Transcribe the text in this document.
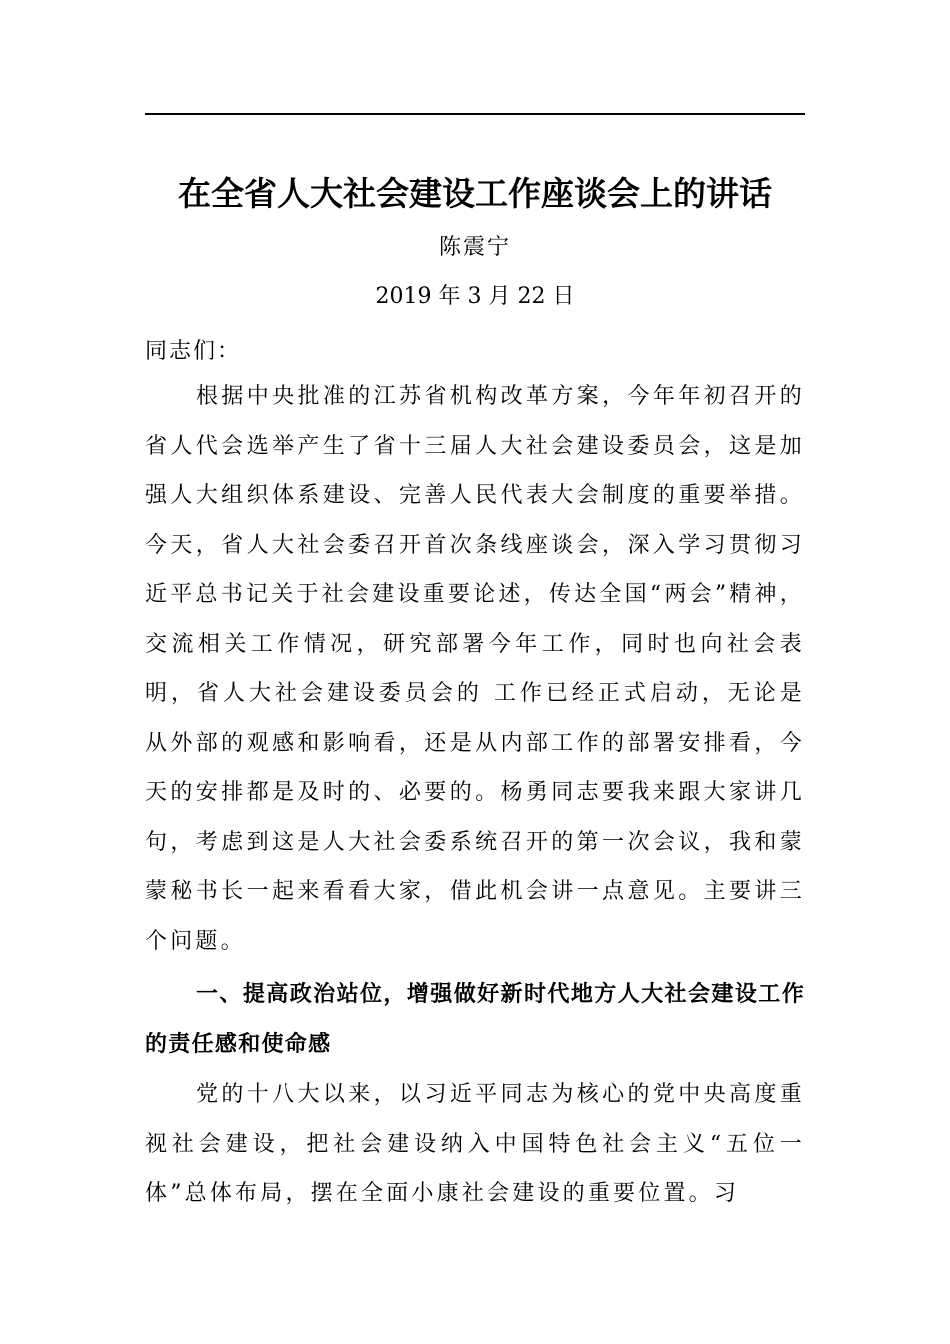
在全省人大社会建设工作座谈会上的讲话
陈震宁
2019 年 3 月 22 日
同志们：
根据中央批准的江苏省机构改革方案，今年年初召开的省人代会选举产生了省十三届人大社会建设委员会，这是加强人大组织体系建设、完善人民代表大会制度的重要举措。今天，省人大社会委召开首次条线座谈会，深入学习贯彻习近平总书记关于社会建设重要论述，传达全国“两会”精神，交流相关工作情况，研究部署今年工作，同时也向社会表明，省人大社会建设委员会的 工作已经正式启动，无论是从外部的观感和影响看，还是从内部工作的部署安排看，今天的安排都是及时的、必要的。杨勇同志要我来跟大家讲几句，考虑到这是人大社会委系统召开的第一次会议，我和蒙蒙秘书长一起来看看大家，借此机会讲一点意见。主要讲三个问题。
一、提高政治站位，增强做好新时代地方人大社会建设工作 的责任感和使命感
党的十八大以来，以习近平同志为核心的党中央高度重视社会建设，把社会建设纳入中国特色社会主义“五位一体”总体布局，摆在全面小康社会建设的重要位置。习
